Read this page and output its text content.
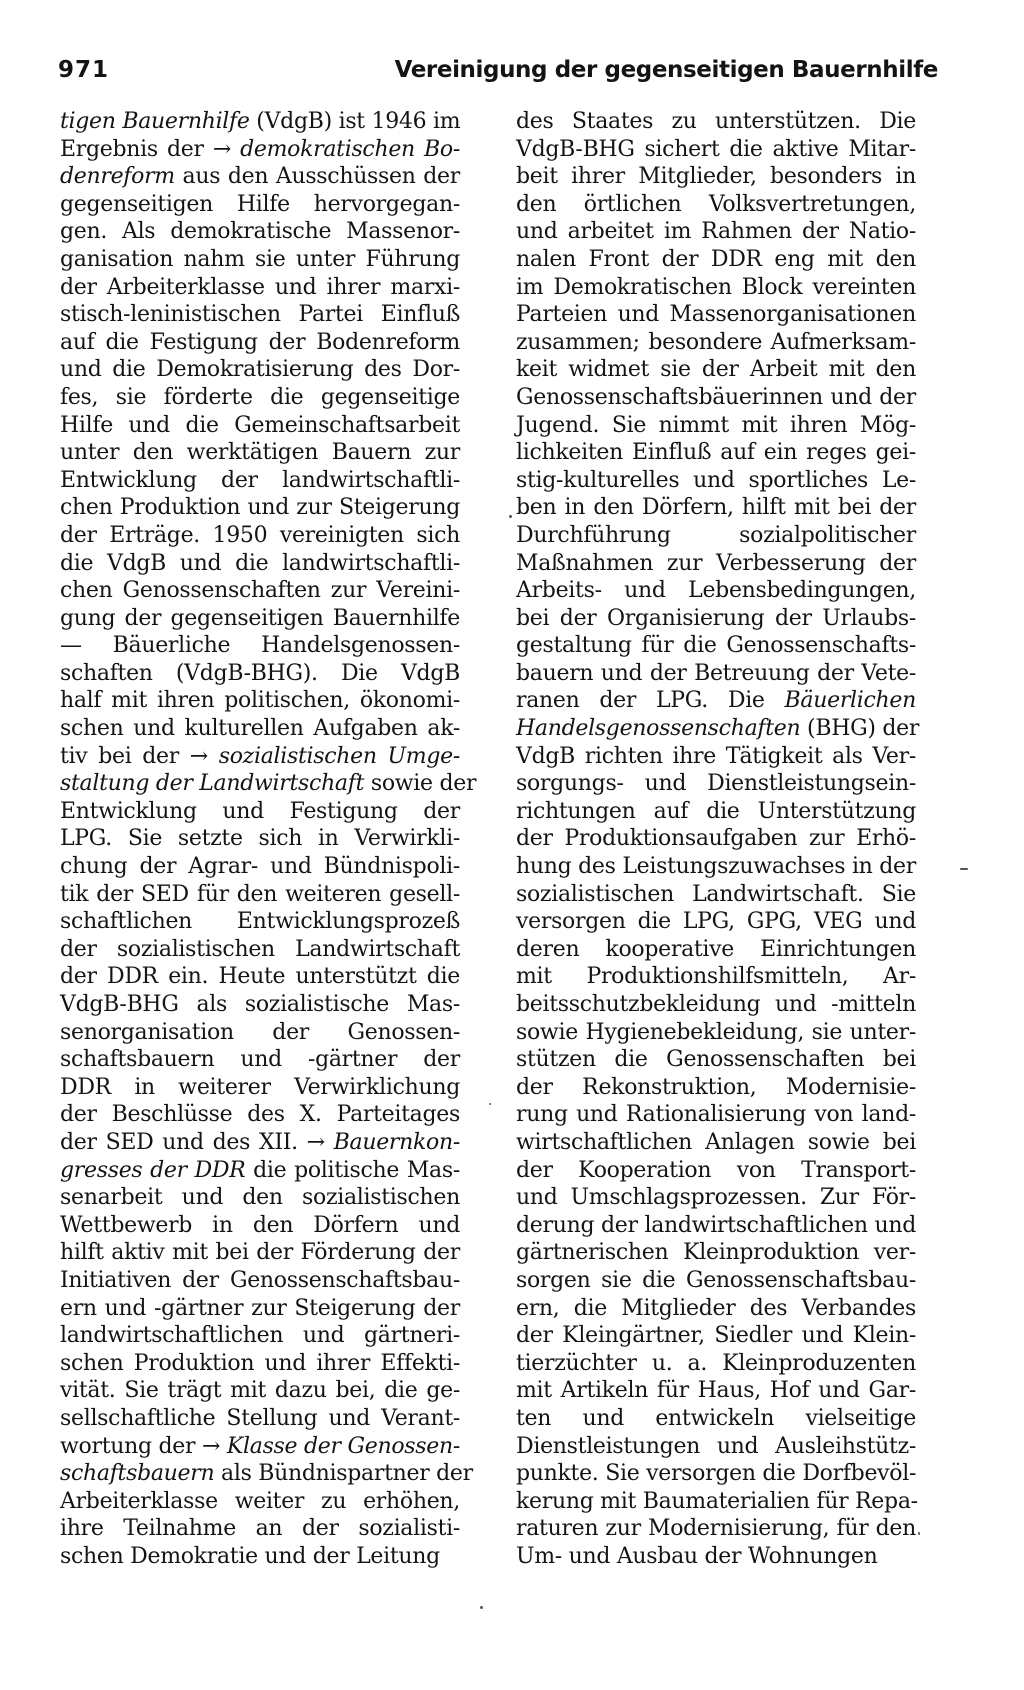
971	Vereinigung der gegenseitigen Bauernhilfe
tigen Bauernhilfe (VdgB) ist 1946 im
Ergebnis der → demokratischen Bo-
denreform aus den Ausschüssen der
gegenseitigen Hilfe hervorgegan-
gen. Als demokratische Massenor-
ganisation nahm sie unter Führung
der Arbeiterklasse und ihrer marxi-
stisch-leninistischen Partei Einfluß
auf die Festigung der Bodenreform
und die Demokratisierung des Dor-
fes, sie förderte die gegenseitige
Hilfe und die Gemeinschaftsarbeit
unter den werktätigen Bauern zur
Entwicklung der landwirtschaftli-
chen Produktion und zur Steigerung
der Erträge. 1950 vereinigten sich
die VdgB und die landwirtschaftli-
chen Genossenschaften zur Vereini-
gung der gegenseitigen Bauernhilfe
— Bäuerliche Handelsgenossen-
schaften (VdgB-BHG). Die VdgB
half mit ihren politischen, ökonomi-
schen und kulturellen Aufgaben ak-
tiv bei der → sozialistischen Umge-
staltung der Landwirtschaft sowie der
Entwicklung und Festigung der
LPG. Sie setzte sich in Verwirkli-
chung der Agrar- und Bündnispoli-
tik der SED für den weiteren gesell-
schaftlichen Entwicklungsprozeß
der sozialistischen Landwirtschaft
der DDR ein. Heute unterstützt die
VdgB-BHG als sozialistische Mas-
senorganisation der Genossen-
schaftsbauern und -gärtner der
DDR in weiterer Verwirklichung
der Beschlüsse des X. Parteitages
der SED und des XII. → Bauernkon-
gresses der DDR die politische Mas-
senarbeit und den sozialistischen
Wettbewerb in den Dörfern und
hilft aktiv mit bei der Förderung der
Initiativen der Genossenschaftsbau-
ern und -gärtner zur Steigerung der
landwirtschaftlichen und gärtneri-
schen Produktion und ihrer Effekti-
vität. Sie trägt mit dazu bei, die ge-
sellschaftliche Stellung und Verant-
wortung der → Klasse der Genossen-
schaftsbauern als Bündnispartner der
Arbeiterklasse weiter zu erhöhen,
ihre Teilnahme an der sozialisti-
schen Demokratie und der Leitung
des Staates zu unterstützen. Die
VdgB-BHG sichert die aktive Mitar-
beit ihrer Mitglieder, besonders in
den örtlichen Volksvertretungen,
und arbeitet im Rahmen der Natio-
nalen Front der DDR eng mit den
im Demokratischen Block vereinten
Parteien und Massenorganisationen
zusammen; besondere Aufmerksam-
keit widmet sie der Arbeit mit den
Genossenschaftsbäuerinnen und der
Jugend. Sie nimmt mit ihren Mög-
lichkeiten Einfluß auf ein reges gei-
stig-kulturelles und sportliches Le-
ben in den Dörfern, hilft mit bei der
Durchführung sozialpolitischer
Maßnahmen zur Verbesserung der
Arbeits- und Lebensbedingungen,
bei der Organisierung der Urlaubs-
gestaltung für die Genossenschafts-
bauern und der Betreuung der Vete-
ranen der LPG. Die Bäuerlichen
Handelsgenossenschaften (BHG) der
VdgB richten ihre Tätigkeit als Ver-
sorgungs- und Dienstleistungsein-
richtungen auf die Unterstützung
der Produktionsaufgaben zur Erhö-
hung des Leistungszuwachses in der
sozialistischen Landwirtschaft. Sie
versorgen die LPG, GPG, VEG und
deren kooperative Einrichtungen
mit Produktionshilfsmitteln, Ar-
beitsschutzbekleidung und -mitteln
sowie Hygienebekleidung, sie unter-
stützen die Genossenschaften bei
der Rekonstruktion, Modernisie-
rung und Rationalisierung von land-
wirtschaftlichen Anlagen sowie bei
der Kooperation von Transport-
und Umschlagsprozessen. Zur För-
derung der landwirtschaftlichen und
gärtnerischen Kleinproduktion ver-
sorgen sie die Genossenschaftsbau-
ern, die Mitglieder des Verbandes
der Kleingärtner, Siedler und Klein-
tierzüchter u. a. Kleinproduzenten
mit Artikeln für Haus, Hof und Gar-
ten und entwickeln vielseitige
Dienstleistungen und Ausleihstütz-
punkte. Sie versorgen die Dorfbevöl-
kerung mit Baumaterialien für Repa-
raturen zur Modernisierung, für den
Um- und Ausbau der Wohnungen
